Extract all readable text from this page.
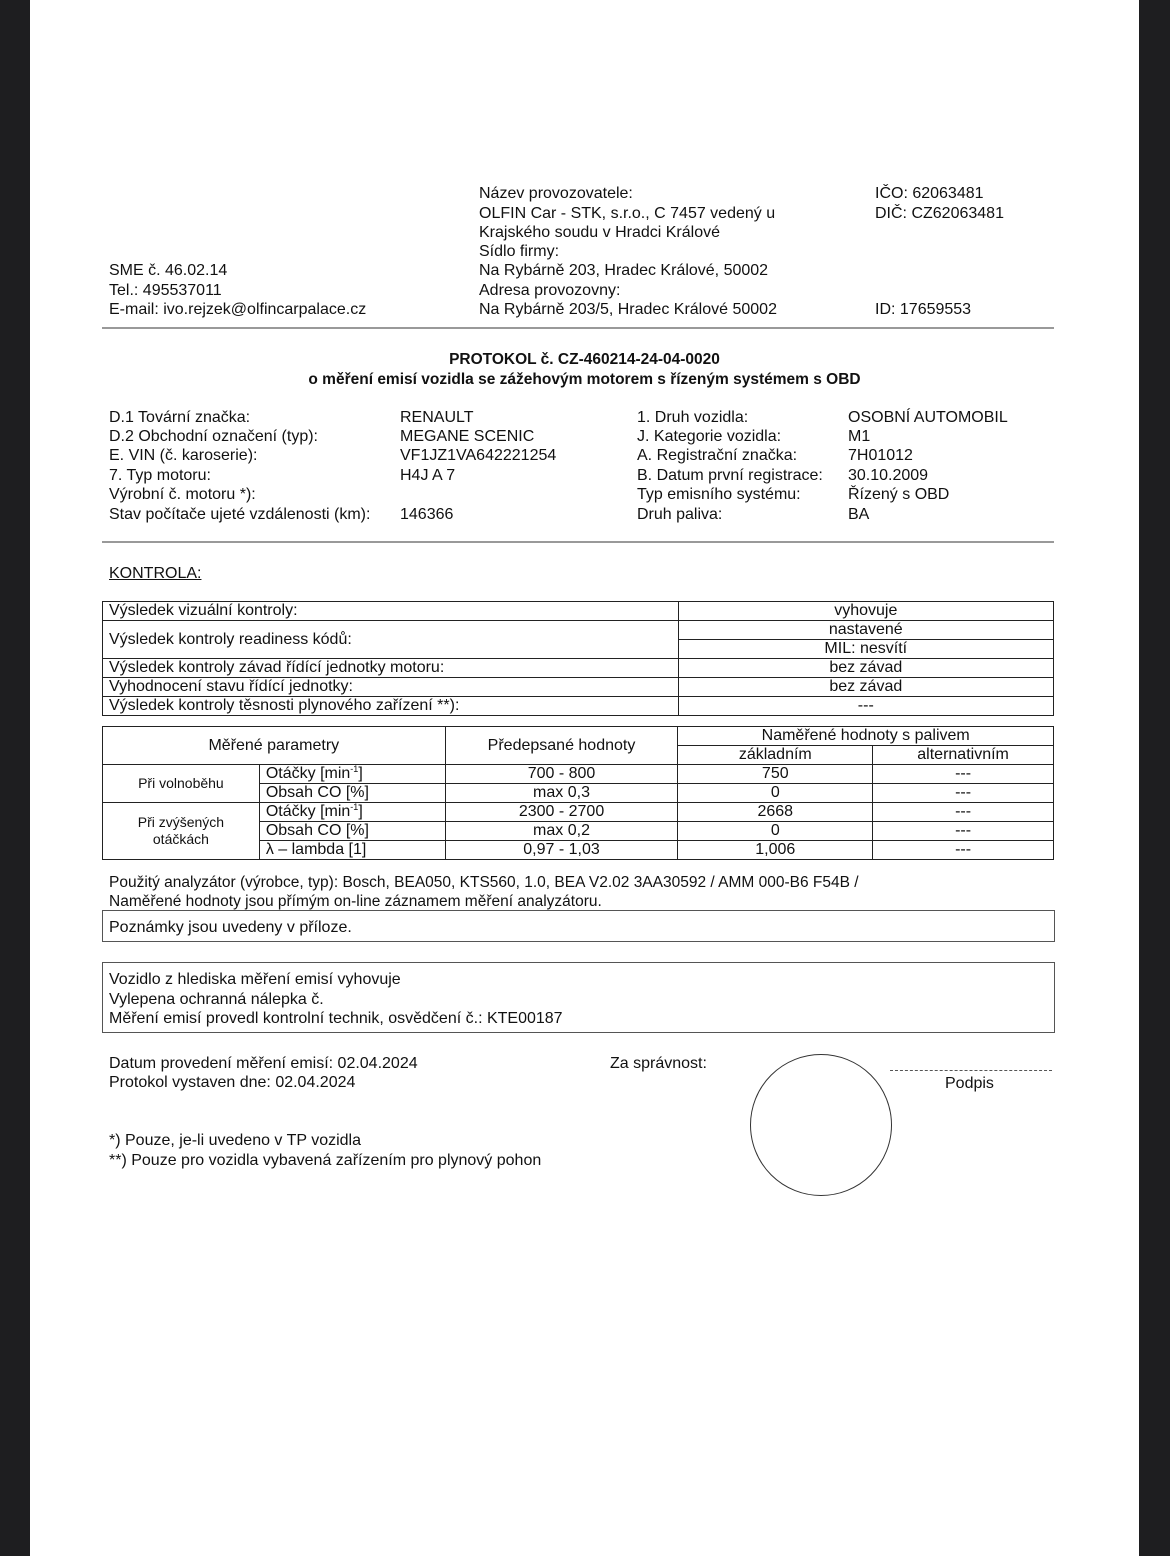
SME č. 46.02.14
Tel.: 495537011
E-mail: ivo.rejzek@olfincarpalace.cz
Název provozovatele:
OLFIN Car - STK, s.r.o., C 7457 vedený u
Krajského soudu v Hradci Králové
Sídlo firmy:
Na Rybárně 203, Hradec Králové, 50002
Adresa provozovny:
Na Rybárně 203/5, Hradec Králové 50002
IČO: 62063481
DIČ: CZ62063481
ID: 17659553
PROTOKOL č. CZ-460214-24-04-0020
o měření emisí vozidla se zážehovým motorem s řízeným systémem s OBD
D.1 Tovární značka:	RENAULT
D.2 Obchodní označení (typ):	MEGANE SCENIC
E. VIN (č. karoserie):	VF1JZ1VA642221254
7. Typ motoru:	H4J A 7
Výrobní č. motoru *):
Stav počítače ujeté vzdálenosti (km): 146366
1. Druh vozidla:	OSOBNÍ AUTOMOBIL
J. Kategorie vozidla:	M1
A. Registrační značka:	7H01012
B. Datum první registrace: 30.10.2009
Typ emisního systému:	Řízený s OBD
Druh paliva:	BA
KONTROLA:
Výsledek vizuální kontroly:	vyhovuje
Výsledek kontroly readiness kódů:	nastavené
	MIL: nesvítí
Výsledek kontroly závad řídící jednotky motoru:	bez závad
Vyhodnocení stavu řídící jednotky:	bez závad
Výsledek kontroly těsnosti plynového zařízení **):	---
Měřené parametry		Předepsané hodnoty	Naměřené hodnoty s palivem	
			základním	alternativním
Při volnoběhu	Otáčky $[\min^{-1}]$	700 - 800	750	---
	Obsah CO [%]	max 0,3	0	---
Při zvýšených
otáčkách	Otáčky $[\min^{-1}]$	2300 - 2700	2668	---
	Obsah CO [%]	max 0,2	0	---
	λ – lambda [1]	0,97 - 1,03	1,006	---
Použitý analyzátor (výrobce, typ): Bosch, BEA050, KTS560, 1.0, BEA V2.02 3AA30592 / AMM 000-B6 F54B /
Naměřené hodnoty jsou přímým on-line záznamem měření analyzátoru.
Poznámky jsou uvedeny v příloze.
Vozidlo z hlediska měření emisí vyhovuje
Vylepena ochranná nálepka č.
Měření emisí provedl kontrolní technik, osvědčení č.: KTE00187
Datum provedení měření emisí: 02.04.2024
Protokol vystaven dne: 02.04.2024
Za správnost:
Podpis
*) Pouze, je-li uvedeno v TP vozidla
**) Pouze pro vozidla vybavená zařízením pro plynový pohon
